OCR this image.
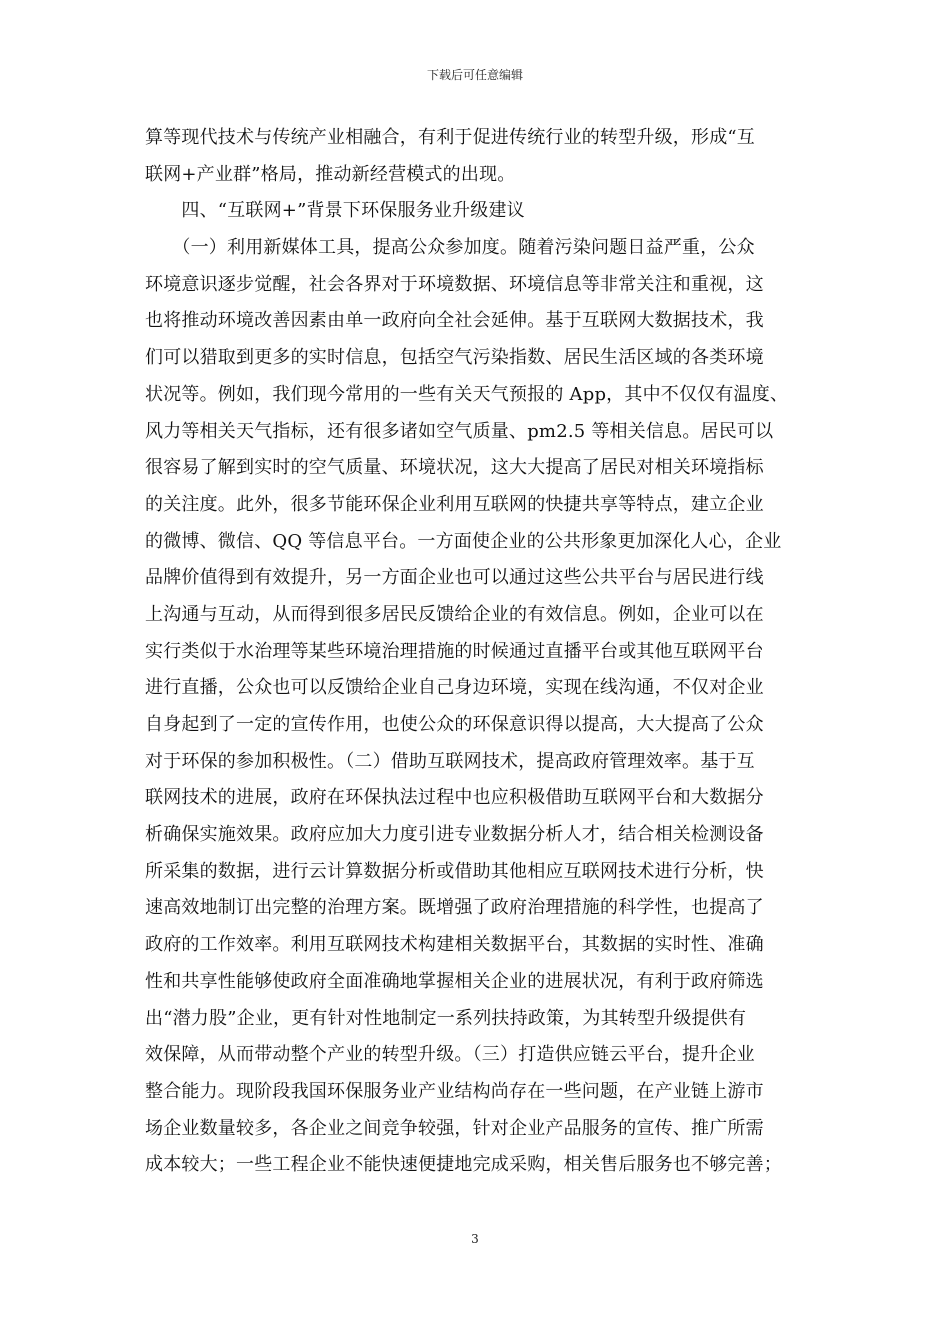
下载后可任意编辑
算等现代技术与传统产业相融合，有利于促进传统行业的转型升级，形成“互
联网+产业群”格局，推动新经营模式的出现。
　　四、“互联网+”背景下环保服务业升级建议
　　（一）利用新媒体工具，提高公众参加度。随着污染问题日益严重，公众
环境意识逐步觉醒，社会各界对于环境数据、环境信息等非常关注和重视，这
也将推动环境改善因素由单一政府向全社会延伸。基于互联网大数据技术，我
们可以猎取到更多的实时信息，包括空气污染指数、居民生活区域的各类环境
状况等。例如，我们现今常用的一些有关天气预报的 App，其中不仅仅有温度、
风力等相关天气指标，还有很多诸如空气质量、pm2.5 等相关信息。居民可以
很容易了解到实时的空气质量、环境状况，这大大提高了居民对相关环境指标
的关注度。此外，很多节能环保企业利用互联网的快捷共享等特点，建立企业
的微博、微信、QQ 等信息平台。一方面使企业的公共形象更加深化人心，企业
品牌价值得到有效提升，另一方面企业也可以通过这些公共平台与居民进行线
上沟通与互动，从而得到很多居民反馈给企业的有效信息。例如，企业可以在
实行类似于水治理等某些环境治理措施的时候通过直播平台或其他互联网平台
进行直播，公众也可以反馈给企业自己身边环境，实现在线沟通，不仅对企业
自身起到了一定的宣传作用，也使公众的环保意识得以提高，大大提高了公众
对于环保的参加积极性。（二）借助互联网技术，提高政府管理效率。基于互
联网技术的进展，政府在环保执法过程中也应积极借助互联网平台和大数据分
析确保实施效果。政府应加大力度引进专业数据分析人才，结合相关检测设备
所采集的数据，进行云计算数据分析或借助其他相应互联网技术进行分析，快
速高效地制订出完整的治理方案。既增强了政府治理措施的科学性，也提高了
政府的工作效率。利用互联网技术构建相关数据平台，其数据的实时性、准确
性和共享性能够使政府全面准确地掌握相关企业的进展状况，有利于政府筛选
出“潜力股”企业，更有针对性地制定一系列扶持政策，为其转型升级提供有
效保障，从而带动整个产业的转型升级。（三）打造供应链云平台，提升企业
整合能力。现阶段我国环保服务业产业结构尚存在一些问题，在产业链上游市
场企业数量较多，各企业之间竞争较强，针对企业产品服务的宣传、推广所需
成本较大；一些工程企业不能快速便捷地完成采购，相关售后服务也不够完善；
3
